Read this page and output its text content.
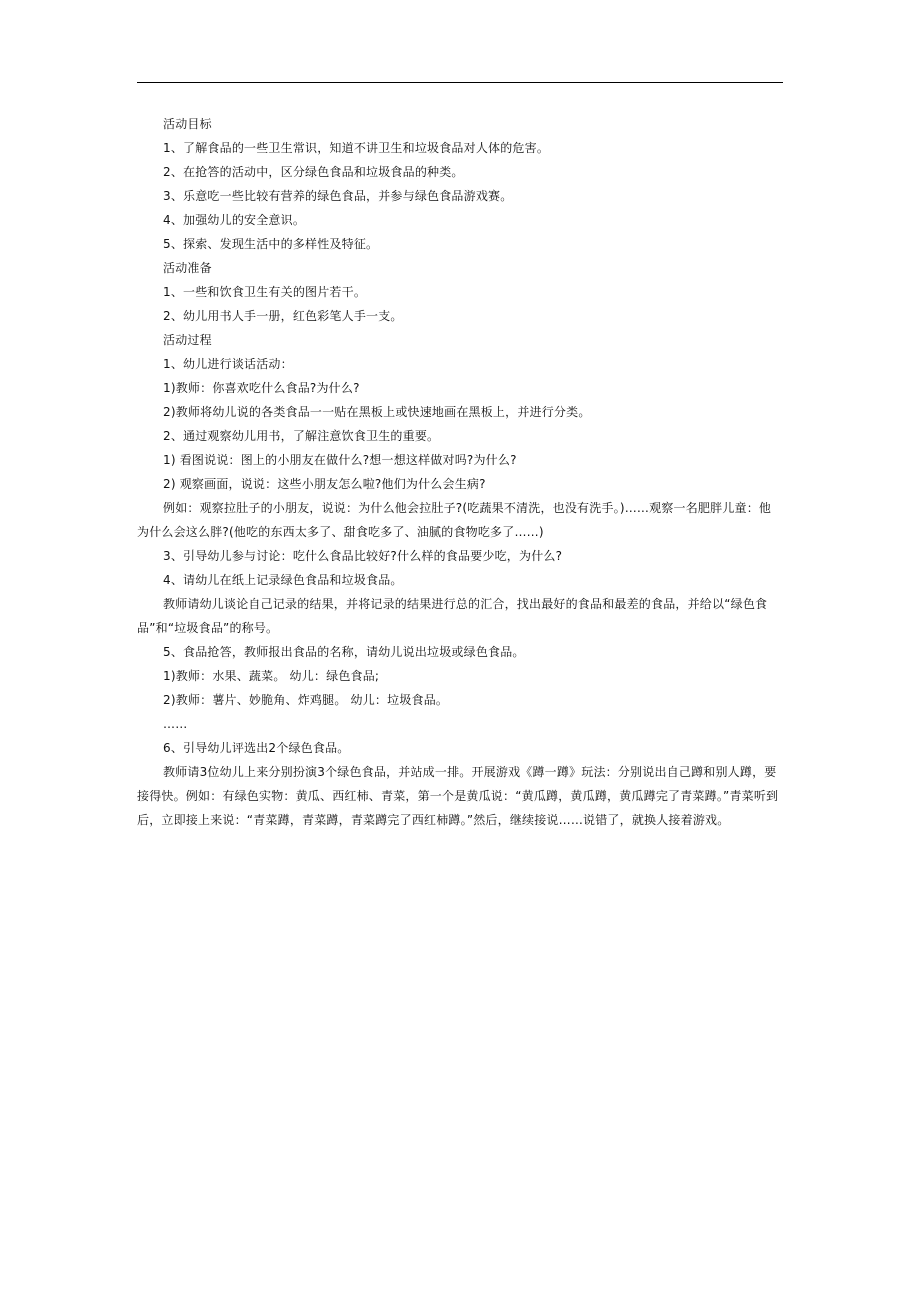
活动目标

1、了解食品的一些卫生常识，知道不讲卫生和垃圾食品对人体的危害。

2、在抢答的活动中，区分绿色食品和垃圾食品的种类。

3、乐意吃一些比较有营养的绿色食品，并参与绿色食品游戏赛。

4、加强幼儿的安全意识。

5、探索、发现生活中的多样性及特征。

活动准备

1、一些和饮食卫生有关的图片若干。

2、幼儿用书人手一册，红色彩笔人手一支。

活动过程

1、幼儿进行谈话活动：

1)教师：你喜欢吃什么食品?为什么?

2)教师将幼儿说的各类食品一一贴在黑板上或快速地画在黑板上，并进行分类。

2、通过观察幼儿用书，了解注意饮食卫生的重要。

1) 看图说说：图上的小朋友在做什么?想一想这样做对吗?为什么?

2) 观察画面，说说：这些小朋友怎么啦?他们为什么会生病?

例如：观察拉肚子的小朋友，说说：为什么他会拉肚子?(吃蔬果不清洗，也没有洗手。)……观察一名肥胖儿童：他为什么会这么胖?(他吃的东西太多了、甜食吃多了、油腻的食物吃多了……)

3、引导幼儿参与讨论：吃什么食品比较好?什么样的食品要少吃，为什么?

4、请幼儿在纸上记录绿色食品和垃圾食品。

教师请幼儿谈论自己记录的结果，并将记录的结果进行总的汇合，找出最好的食品和最差的食品，并给以“绿色食品”和“垃圾食品”的称号。

5、食品抢答，教师报出食品的名称，请幼儿说出垃圾或绿色食品。

1)教师：水果、蔬菜。 幼儿：绿色食品;

2)教师：薯片、妙脆角、炸鸡腿。 幼儿：垃圾食品。

……

6、引导幼儿评选出2个绿色食品。

教师请3位幼儿上来分别扮演3个绿色食品，并站成一排。开展游戏《蹲一蹲》玩法：分别说出自己蹲和别人蹲，要接得快。例如：有绿色实物：黄瓜、西红柿、青菜，第一个是黄瓜说：“黄瓜蹲，黄瓜蹲，黄瓜蹲完了青菜蹲。”青菜听到后，立即接上来说：“青菜蹲，青菜蹲，青菜蹲完了西红柿蹲。”然后，继续接说……说错了，就换人接着游戏。
